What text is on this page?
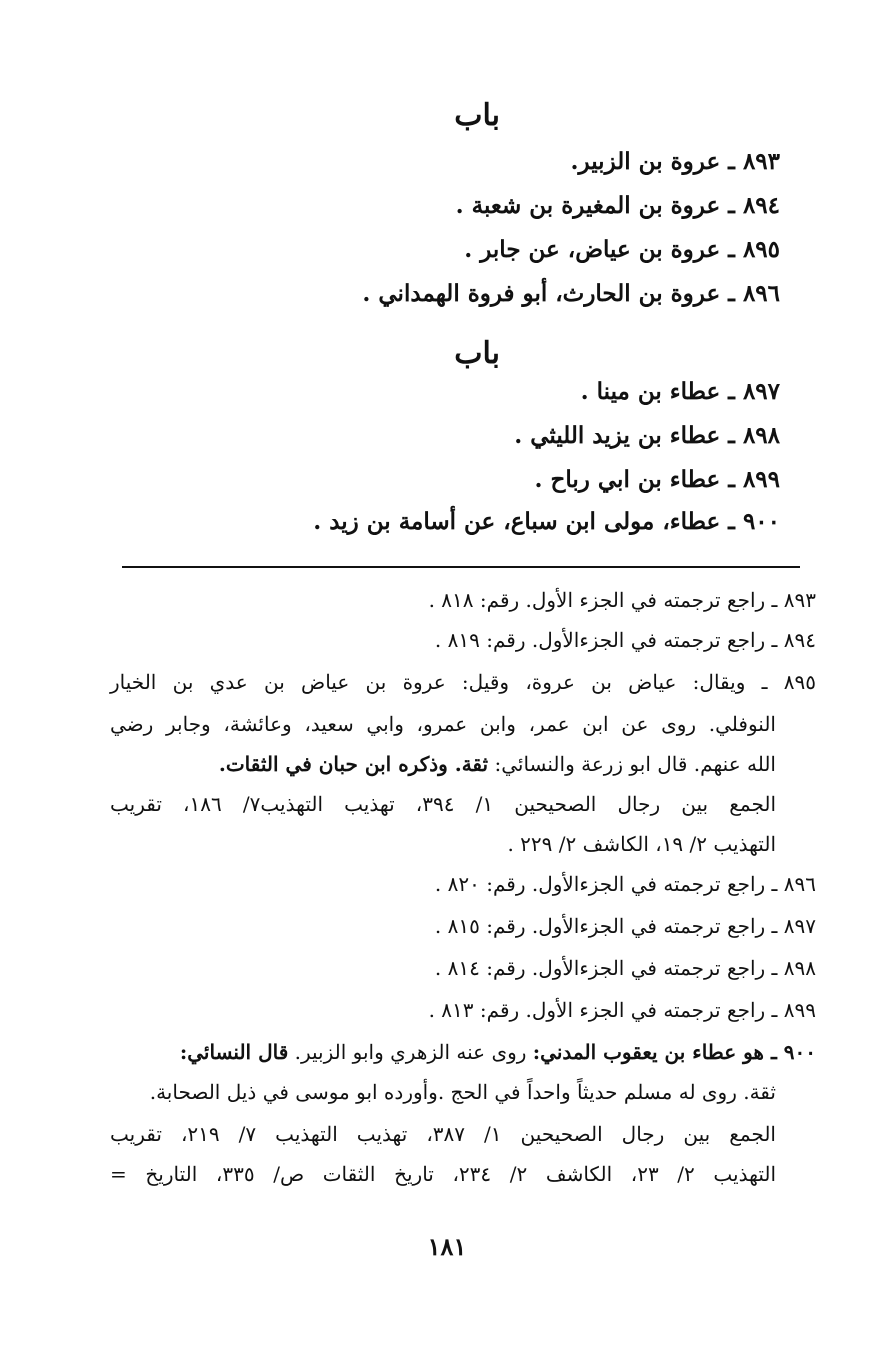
باب
٨٩٣ ـ عروة بن الزبير.
٨٩٤ ـ عروة بن المغيرة بن شعبة .
٨٩٥ ـ عروة بن عياض، عن جابر .
٨٩٦ ـ عروة بن الحارث، أبو فروة الهمداني .
باب
٨٩٧ ـ عطاء بن مينا .
٨٩٨ ـ عطاء بن يزيد الليثي .
٨٩٩ ـ عطاء بن ابي رباح .
٩٠٠ ـ عطاء، مولى ابن سباع، عن أسامة بن زيد .
٨٩٣ ـ راجع ترجمته في الجزء الأول. رقم: ٨١٨ .
٨٩٤ ـ راجع ترجمته في الجزءالأول. رقم: ٨١٩ .
٨٩٥ ـ ويقال: عياض بن عروة، وقيل: عروة بن عياض بن عدي بن الخيار
النوفلي. روى عن ابن عمر، وابن عمرو، وابي سعيد، وعائشة، وجابر رضي
الله عنهم. قال ابو زرعة والنسائي: ثقة. وذكره ابن حبان في الثقات.
الجمع بين رجال الصحيحين ١/ ٣٩٤، تهذيب التهذيب٧/ ١٨٦، تقريب
التهذيب ٢/ ١٩، الكاشف ٢/ ٢٢٩ .
٨٩٦ ـ راجع ترجمته في الجزءالأول. رقم: ٨٢٠ .
٨٩٧ ـ راجع ترجمته في الجزءالأول. رقم: ٨١٥ .
٨٩٨ ـ راجع ترجمته في الجزءالأول. رقم: ٨١٤ .
٨٩٩ ـ راجع ترجمته في الجزء الأول. رقم: ٨١٣ .
٩٠٠ ـ هو عطاء بن يعقوب المدني: روى عنه الزهري وابو الزبير. قال النسائي:
ثقة. روى له مسلم حديثاً واحداً في الحج .وأورده ابو موسى في ذيل الصحابة.
الجمع بين رجال الصحيحين ١/ ٣٨٧، تهذيب التهذيب ٧/ ٢١٩، تقريب
التهذيب ٢/ ٢٣، الكاشف ٢/ ٢٣٤، تاريخ الثقات ص/ ٣٣٥، التاريخ =
١٨١
